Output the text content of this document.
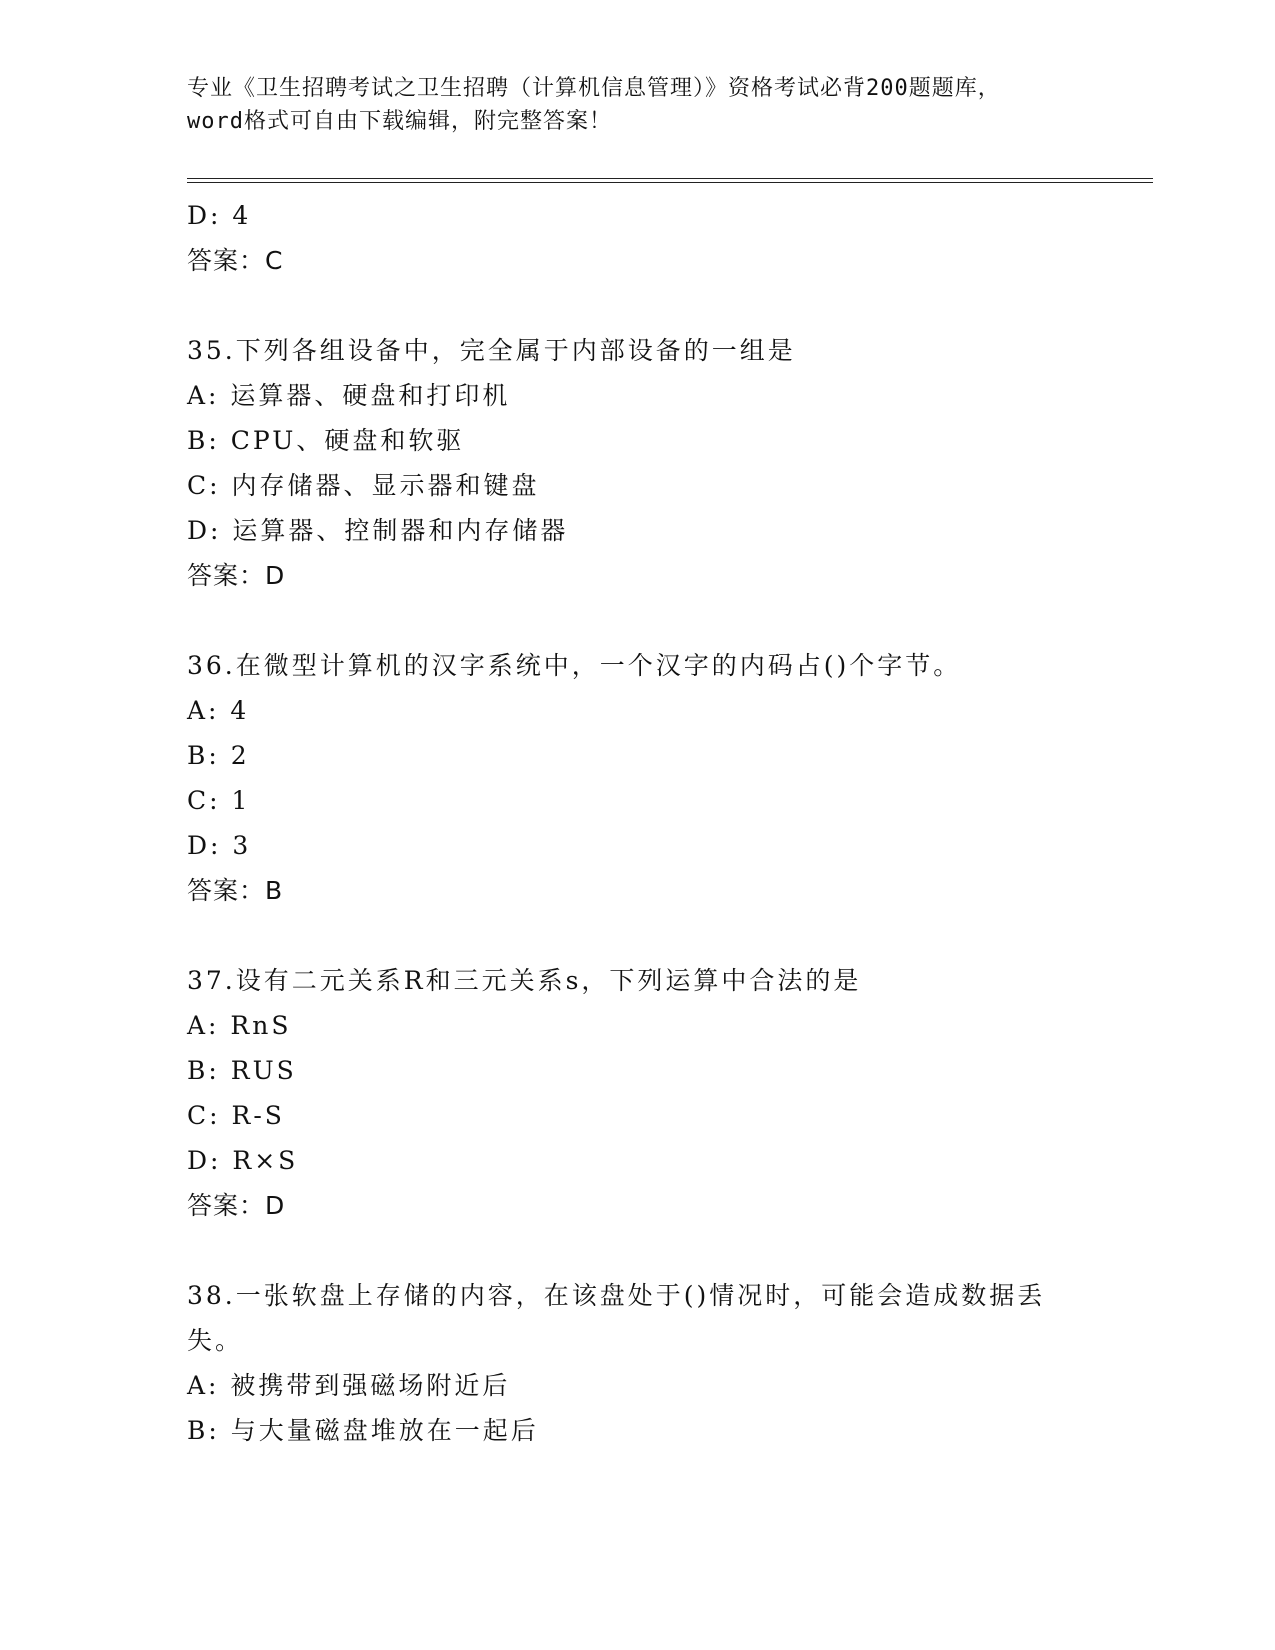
专业《卫生招聘考试之卫生招聘（计算机信息管理）》资格考试必背200题题库，
word格式可自由下载编辑，附完整答案！
D: 4
答案：C
35.下列各组设备中，完全属于内部设备的一组是
A: 运算器、硬盘和打印机
B: CPU、硬盘和软驱
C: 内存储器、显示器和键盘
D: 运算器、控制器和内存储器
答案：D
36.在微型计算机的汉字系统中，一个汉字的内码占()个字节。
A: 4
B: 2
C: 1
D: 3
答案：B
37.设有二元关系R和三元关系s，下列运算中合法的是
A: RnS
B: RUS
C: R-S
D: R×S
答案：D
38.一张软盘上存储的内容，在该盘处于()情况时，可能会造成数据丢
失。
A: 被携带到强磁场附近后
B: 与大量磁盘堆放在一起后
